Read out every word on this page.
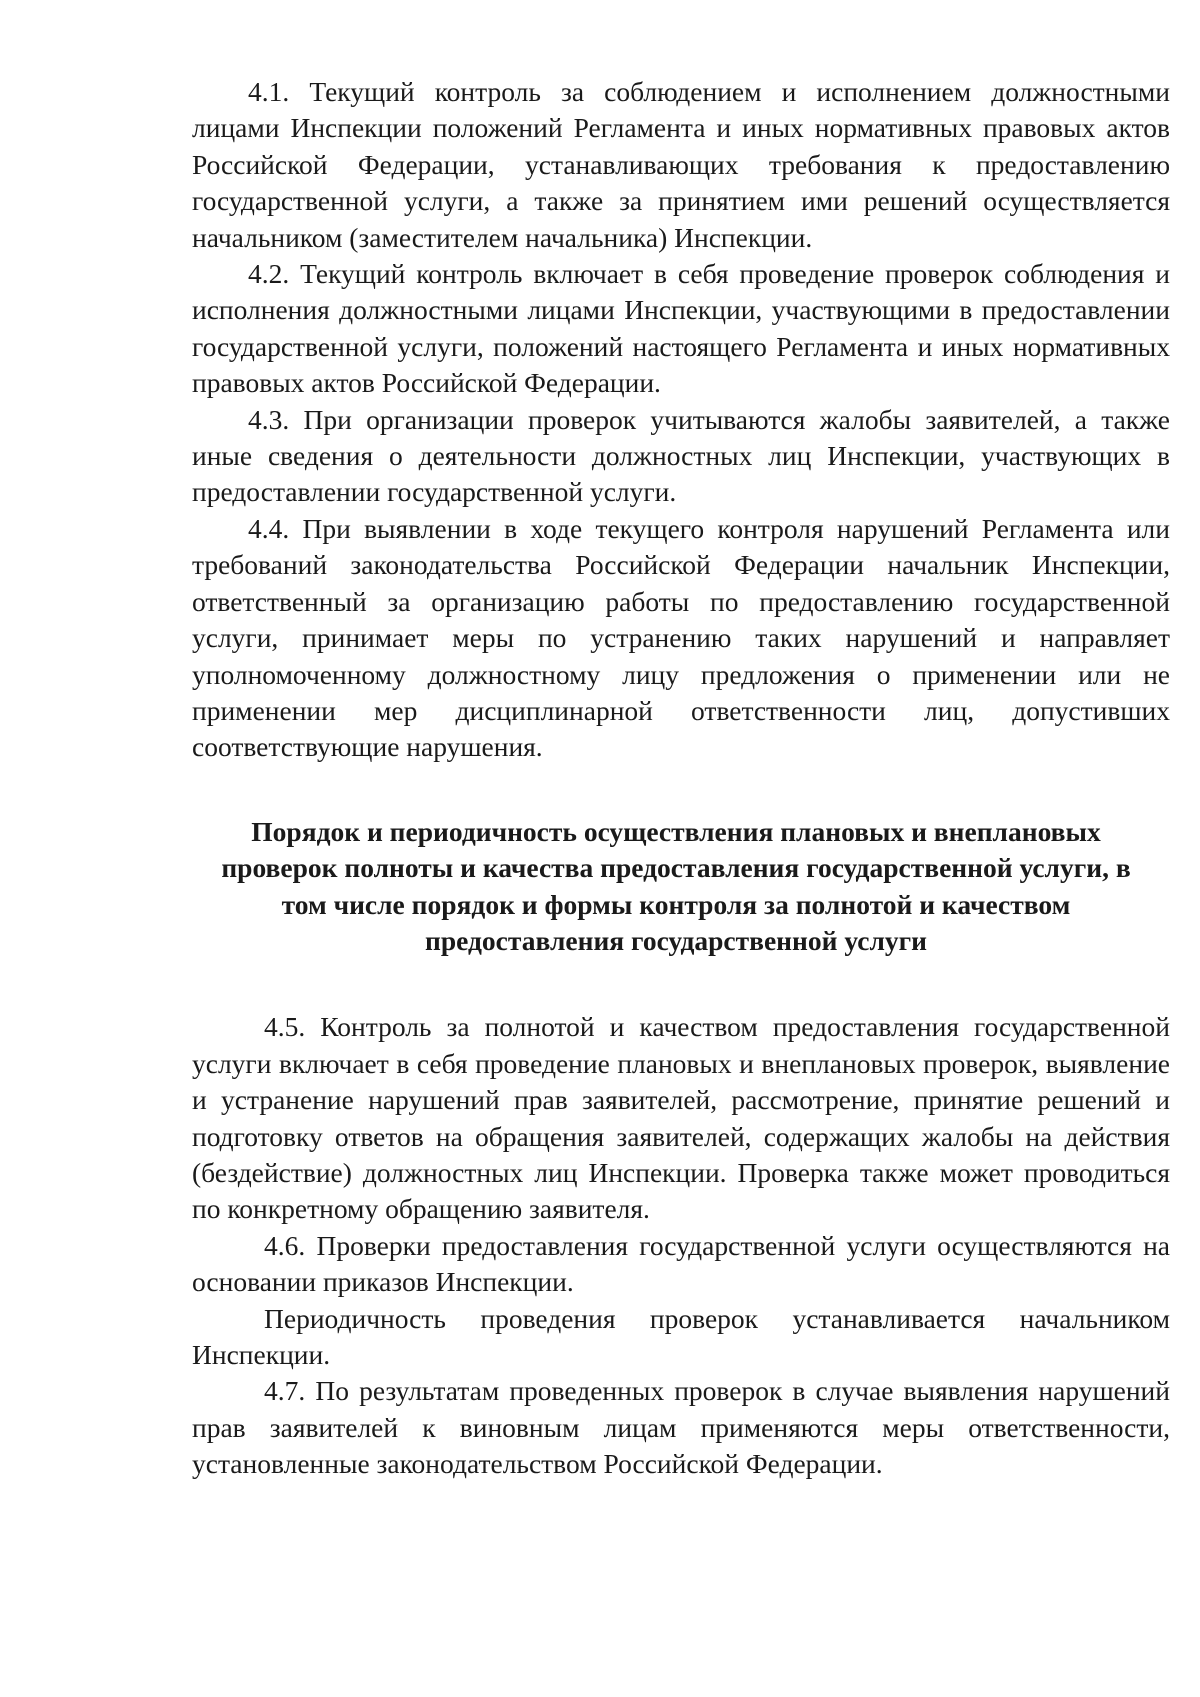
4.1. Текущий контроль за соблюдением и исполнением должностными лицами Инспекции положений Регламента и иных нормативных правовых актов Российской Федерации, устанавливающих требования к предоставлению государственной услуги, а также за принятием ими решений осуществляется начальником (заместителем начальника) Инспекции.

4.2. Текущий контроль включает в себя проведение проверок соблюдения и исполнения должностными лицами Инспекции, участвующими в предоставлении государственной услуги, положений настоящего Регламента и иных нормативных правовых актов Российской Федерации.

4.3. При организации проверок учитываются жалобы заявителей, а также иные сведения о деятельности должностных лиц Инспекции, участвующих в предоставлении государственной услуги.

4.4. При выявлении в ходе текущего контроля нарушений Регламента или требований законодательства Российской Федерации начальник Инспекции, ответственный за организацию работы по предоставлению государственной услуги, принимает меры по устранению таких нарушений и направляет уполномоченному должностному лицу предложения о применении или не применении мер дисциплинарной ответственности лиц, допустивших соответствующие нарушения.

Порядок и периодичность осуществления плановых и внеплановых проверок полноты и качества предоставления государственной услуги, в том числе порядок и формы контроля за полнотой и качеством предоставления государственной услуги

4.5. Контроль за полнотой и качеством предоставления государственной услуги включает в себя проведение плановых и внеплановых проверок, выявление и устранение нарушений прав заявителей, рассмотрение, принятие решений и подготовку ответов на обращения заявителей, содержащих жалобы на действия (бездействие) должностных лиц Инспекции. Проверка также может проводиться по конкретному обращению заявителя.

4.6. Проверки предоставления государственной услуги осуществляются на основании приказов Инспекции.

Периодичность проведения проверок устанавливается начальником Инспекции.

4.7. По результатам проведенных проверок в случае выявления нарушений прав заявителей к виновным лицам применяются меры ответственности, установленные законодательством Российской Федерации.
